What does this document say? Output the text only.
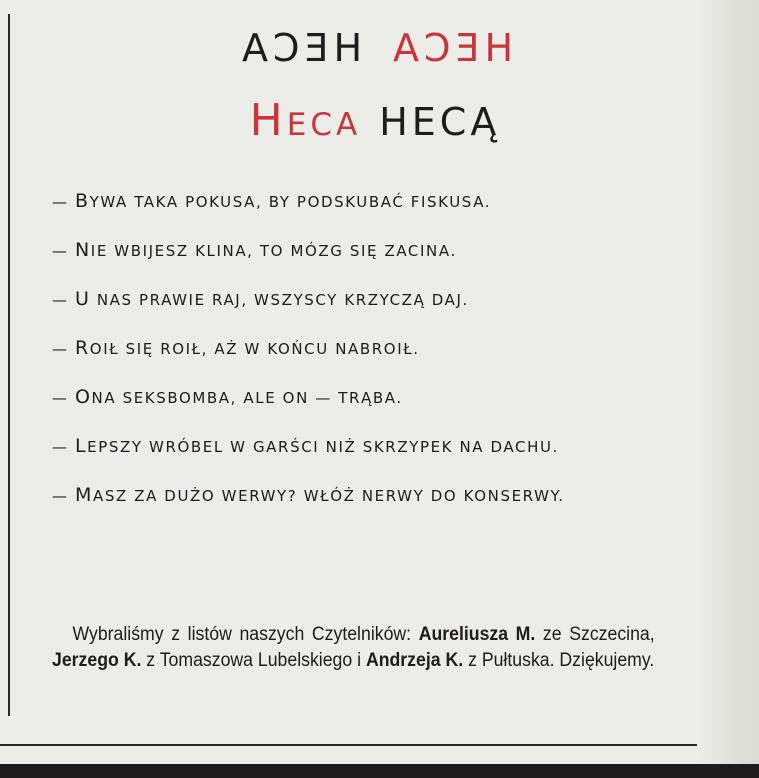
HECA HECA
Heca HECĄ
— BYWA TAKA POKUSA, BY PODSKUBAĆ FISKUSA.
— NIE WBIJESZ KLINA, TO MÓZG SIĘ ZACINA.
— U NAS PRAWIE RAJ, WSZYSCY KRZYCZĄ DAJ.
— ROIŁ SIĘ ROIŁ, AŻ W KOŃCU NABROIŁ.
— ONA SEKSBOMBA, ALE ON — TRĄBA.
— LEPSZY WRÓBEL W GARŚCI NIŻ SKRZYPEK NA DACHU.
— MASZ ZA DUŻO WERWY? WŁÓŻ NERWY DO KONSERWY.

Wybraliśmy z listów naszych Czytelników: Aureliusza M. ze Szczecina, Jerzego K. z Tomaszowa Lubelskiego i Andrzeja K. z Pułtuska. Dziękujemy.
